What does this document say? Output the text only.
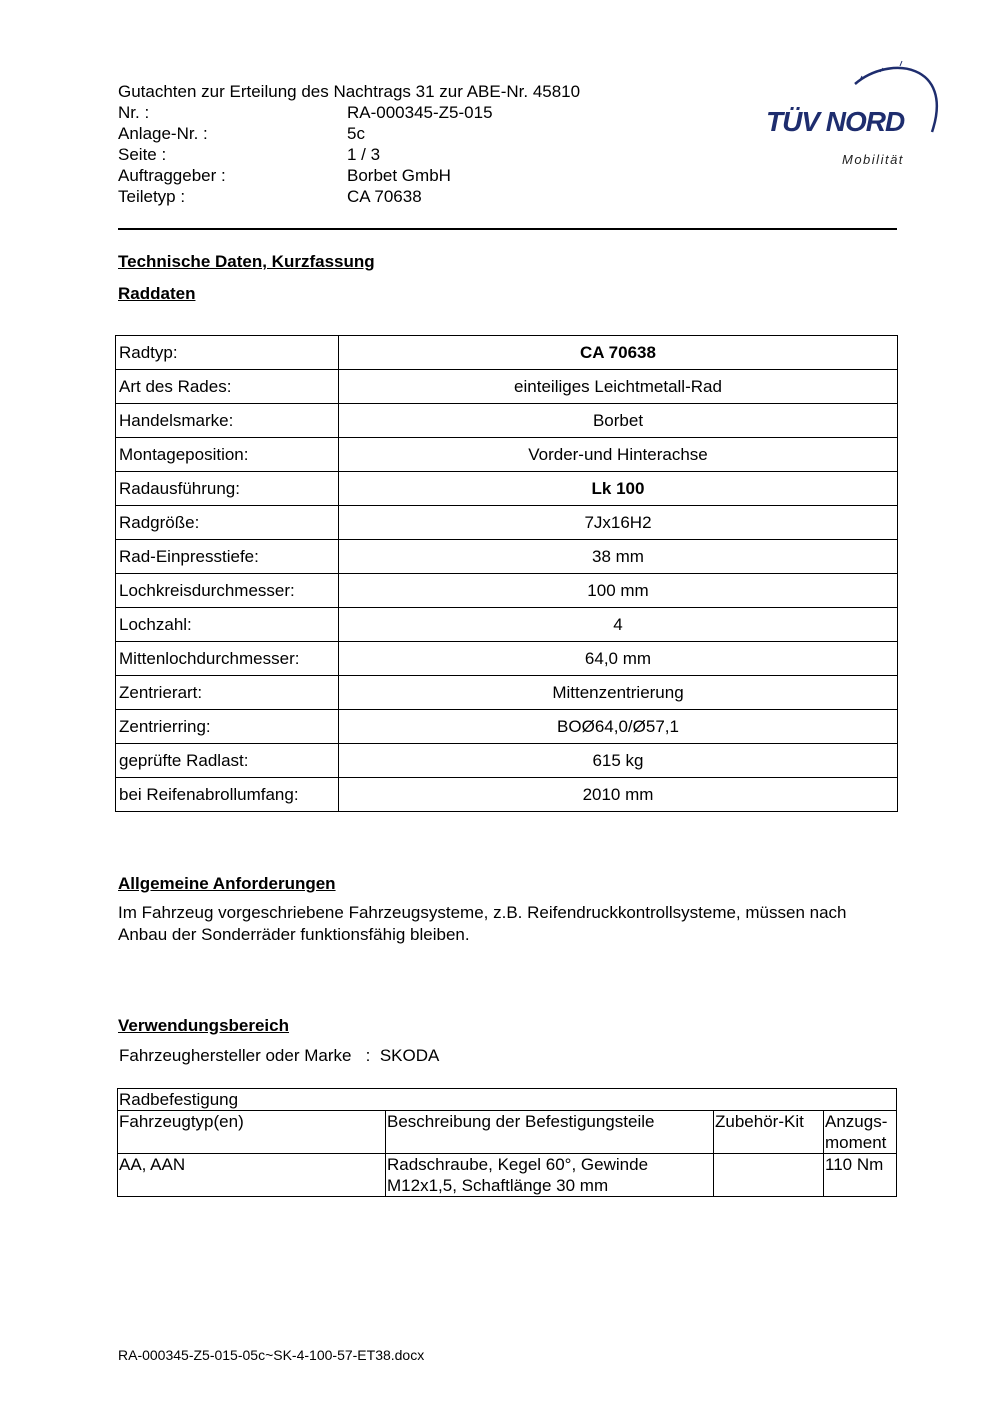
Gutachten zur Erteilung des Nachtrags 31 zur ABE-Nr. 45810
Nr. :	RA-000345-Z5-015
Anlage-Nr. :	5c
Seite :	1 / 3
Auftraggeber :	Borbet GmbH
Teiletyp :	CA 70638
TÜV NORD
Mobilität
Technische Daten, Kurzfassung
Raddaten
Radtyp:	CA 70638
Art des Rades:	einteiliges Leichtmetall-Rad
Handelsmarke:	Borbet
Montageposition:	Vorder-und Hinterachse
Radausführung:	Lk 100
Radgröße:	7Jx16H2
Rad-Einpresstiefe:	38 mm
Lochkreisdurchmesser:	100 mm
Lochzahl:	4
Mittenlochdurchmesser:	64,0 mm
Zentrierart:	Mittenzentrierung
Zentrierring:	BOØ64,0/Ø57,1
geprüfte Radlast:	615 kg
bei Reifenabrollumfang:	2010 mm
Allgemeine Anforderungen
Im Fahrzeug vorgeschriebene Fahrzeugsysteme, z.B. Reifendruckkontrollsysteme, müssen nach Anbau der Sonderräder funktionsfähig bleiben.
Verwendungsbereich
Fahrzeughersteller oder Marke : SKODA
Radbefestigung			
Fahrzeugtyp(en)	Beschreibung der Befestigungsteile	Zubehör-Kit	Anzugs-moment
AA, AAN	Radschraube, Kegel 60°, Gewinde M12x1,5, Schaftlänge 30 mm		110 Nm
RA-000345-Z5-015-05c~SK-4-100-57-ET38.docx
